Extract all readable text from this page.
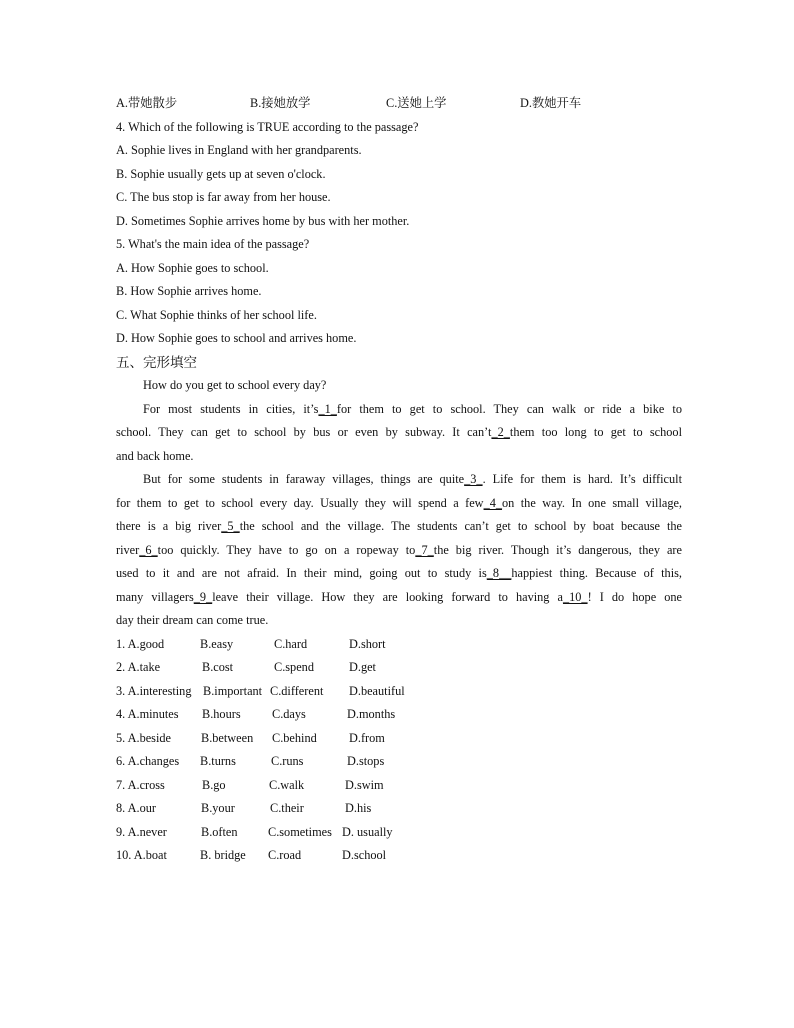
A.带她散步	B.接她放学	C.送她上学	D.教她开车
4. Which of the following is TRUE according to the passage?
A. Sophie lives in England with her grandparents.
B. Sophie usually gets up at seven o'clock.
C. The bus stop is far away from her house.
D. Sometimes Sophie arrives home by bus with her mother.
5. What's the main idea of the passage?
A. How Sophie goes to school.
B. How Sophie arrives home.
C. What Sophie thinks of her school life.
D. How Sophie goes to school and arrives home.
五、完形填空
How do you get to school every day?
For most students in cities, it’s_1_for them to get to school. They can walk or ride a bike to
school. They can get to school by bus or even by subway. It can’t_2_them too long to get to school
and back home.
But for some students in faraway villages, things are quite_3_. Life for them is hard. It’s difficult
for them to get to school every day. Usually they will spend a few_4_on the way. In one small village,
there is a big river_5_the school and the village. The students can’t get to school by boat because the
river_6_too quickly. They have to go on a ropeway to_7_the big river. Though it’s dangerous, they are
used to it and are not afraid. In their mind, going out to study is_8__happiest thing. Because of this,
many villagers_9_leave their village. How they are looking forward to having a_10_! I do hope one
day their dream can come true.
1. A.good	B.easy	C.hard	D.short
2. A.take	B.cost	C.spend	D.get
3. A.interesting B.important C.different D.beautiful
4. A.minutes B.hours	C.days	D.months
5. A.beside B.between C.behind	D.from
6. A.changes B.turns	C.runs	D.stops
7. A.cross	B.go	C.walk	D.swim
8. A.our	B.your	C.their	D.his
9. A.never	B.often C.sometimes D. usually
10. A.boat	B. bridge C.road	D.school
